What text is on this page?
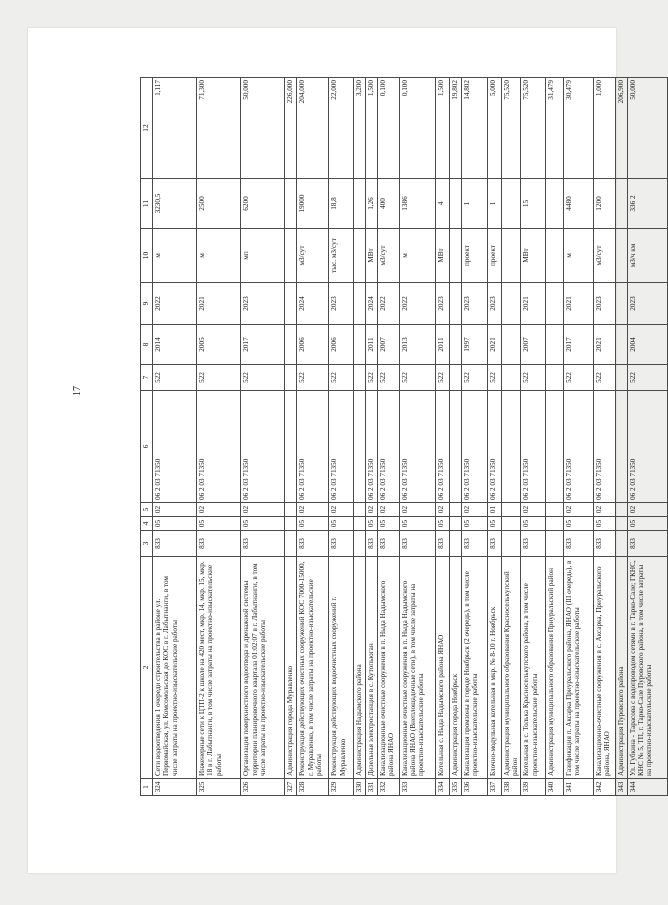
17
1	2	3	4	5	6	7	8	9	10	11	12
324	Сети водоотведения 1 очереди строительства в районе ул. Первомайская, ул. Комсомольская до КОС в г. Лабытнанги, в том числе затраты на проектно-изыскательские работы	833	05	02	06 2 03 71350	522	2014	2022	м	3230,5	1,117
325	Инженерные сети к ЦТП-2 к школе на 420 мест, мкр. 14, мкр. 15, мкр. 18 в г. Лабытнанги, в том числе затраты на проектно-изыскательские работы	833	05	02	06 2 03 71350	522	2005	2021	м	2500	71,300
326	Организация поверхностного водоотвода и дренажной системы территории планировочного квартала 01:02:07 в г. Лабытнанги, в том числе затраты на проектно-изыскательские работы	833	05	02	06 2 03 71350	522	2017	2023	мп	6200	50,000
327	Администрация города Муравленко										226,000
328	Реконструкция действующих очистных сооружений КОС 7000-15000, г. Муравленко, в том числе затраты на проектно-изыскательские работы	833	05	02	06 2 03 71350	522	2006	2024	м3/сут	19000	204,000
329	Реконструкция действующих водоочистных сооружений г. Муравленко	833	05	02	06 2 03 71350	522	2006	2023	тыс. м3/сут	18,8	22,000
330	Администрация Надымского района										3,200
331	Дизельная электростанция в с. Кутопьюган	833	05	02	06 2 03 71350	522	2011	2024	МВт	1,26	1,500
332	Канализационные очистные сооружения в п. Ныда Надымского района ЯНАО	833	05	02	06 2 03 71350	522	2007	2022	м3/сут	400	0,100
333	Канализационные очистные сооружения в п. Ныда Надымского района ЯНАО (Внеплощадочные сети), в том числе затраты на проектно-изыскательские работы	833	05	02	06 2 03 71350	522	2013	2022	м	1386	0,100
334	Котельная с. Ныда Надымского района ЯНАО	833	05	02	06 2 03 71350	522	2011	2023	МВт	4	1,500
335	Администрация города Ноябрьск										19,802
336	Канализация промзоны в городе Ноябрьск (2 очередь), в том числе проектно-изыскательские работы	833	05	02	06 2 03 71350	522	1997	2023	проект	1	14,802
337	Блочно-модульная котельная в мкр. № 8-10 г. Ноябрьск	833	05	01	06 2 03 71350	522	2021	2023	проект	1	5,000
338	Администрация муниципального образования Красноселькупский район										75,520
339	Котельная в с. Толька Красноселькупского района, в том числе проектно-изыскательские работы	833	05	02	06 2 03 71350	522	2007	2021	МВт	15	75,520
340	Администрация муниципального образования Приуральский район										31,479
341	Газификация п. Аксарка Приуральского района, ЯНАО (III очередь), в том числе затраты на проектно-изыскательские работы	833	05	02	06 2 03 71350	522	2017	2021	м	4480	30,479
342	Канализационно-очистные сооружения в с. Аксарка, Приуральского района, ЯНАО	833	05	02	06 2 03 71350	522	2021	2023	м3/сут	1200	1,000
343	Администрация Пуровского района										206,900
344	Ул. Губкина - Тарасова с водопроводом сетями в г. Тарко-Сале; ГКНС, КНС № 5, ТП, г. Тарко-Сале Пуровского района, в том числе затраты на проектно-изыскательские работы	833	05	02	06 2 03 71350	522	2004	2023	м3/ч км	336 2	50,000
